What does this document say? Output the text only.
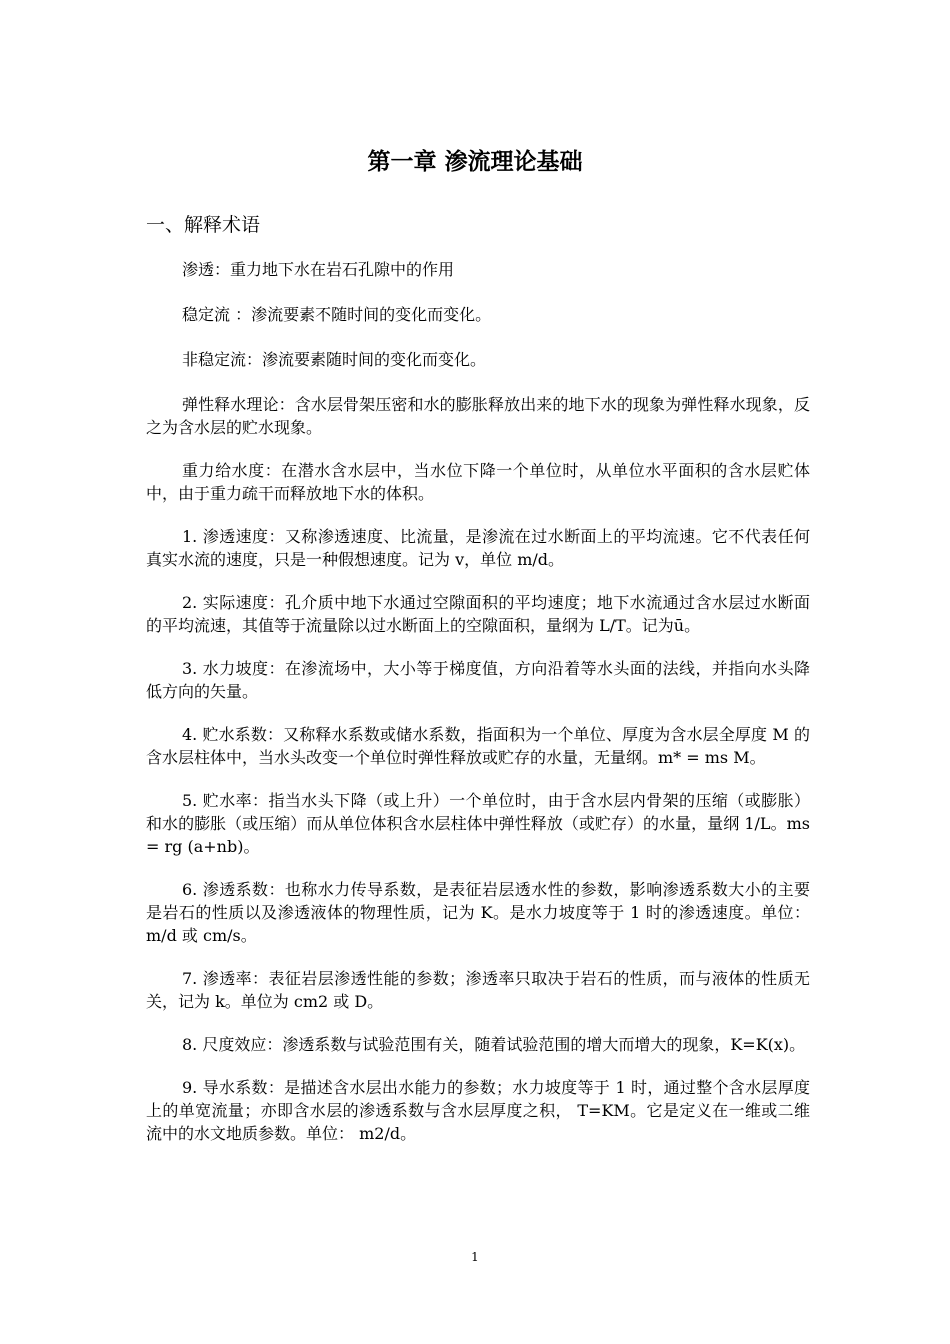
第一章 渗流理论基础
一、解释术语

渗透：重力地下水在岩石孔隙中的作用

稳定流 ：渗流要素不随时间的变化而变化。

非稳定流：渗流要素随时间的变化而变化。

弹性释水理论：含水层骨架压密和水的膨胀释放出来的地下水的现象为弹性释水现象，反之为含水层的贮水现象。

重力给水度：在潜水含水层中，当水位下降一个单位时，从单位水平面积的含水层贮体中，由于重力疏干而释放地下水的体积。

1. 渗透速度：又称渗透速度、比流量，是渗流在过水断面上的平均流速。它不代表任何真实水流的速度，只是一种假想速度。记为 v，单位 m/d。

2. 实际速度：孔介质中地下水通过空隙面积的平均速度；地下水流通过含水层过水断面的平均流速，其值等于流量除以过水断面上的空隙面积，量纲为 L/T。记为ū。

3. 水力坡度：在渗流场中，大小等于梯度值，方向沿着等水头面的法线，并指向水头降低方向的矢量。

4. 贮水系数：又称释水系数或储水系数，指面积为一个单位、厚度为含水层全厚度 M 的含水层柱体中，当水头改变一个单位时弹性释放或贮存的水量，无量纲。m* = ms M。

5. 贮水率：指当水头下降（或上升）一个单位时，由于含水层内骨架的压缩（或膨胀）和水的膨胀（或压缩）而从单位体积含水层柱体中弹性释放（或贮存）的水量，量纲 1/L。ms = rg (a+nb)。

6. 渗透系数：也称水力传导系数，是表征岩层透水性的参数，影响渗透系数大小的主要是岩石的性质以及渗透液体的物理性质，记为 K。是水力坡度等于 1 时的渗透速度。单位：m/d 或 cm/s。

7. 渗透率：表征岩层渗透性能的参数；渗透率只取决于岩石的性质，而与液体的性质无关，记为 k。单位为 cm2 或 D。

8. 尺度效应：渗透系数与试验范围有关，随着试验范围的增大而增大的现象，K=K(x)。

9. 导水系数：是描述含水层出水能力的参数；水力坡度等于 1 时，通过整个含水层厚度上的单宽流量；亦即含水层的渗透系数与含水层厚度之积， T=KM。它是定义在一维或二维流中的水文地质参数。单位： m2/d。

1
